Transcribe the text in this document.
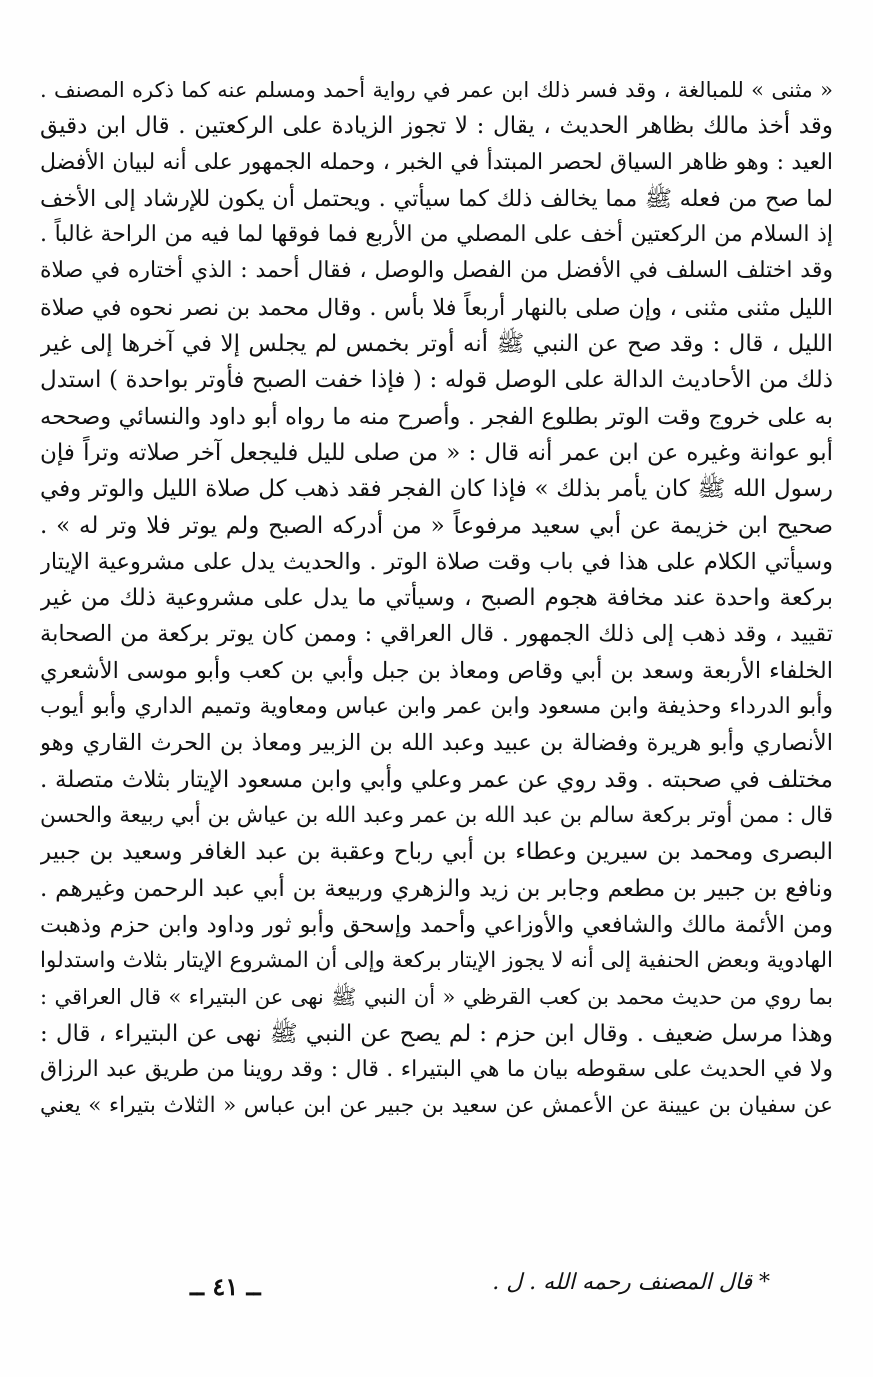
« مثنى » للمبالغة ، وقد فسر ذلك ابن عمر في رواية أحمد ومسلم عنه كما ذكره المصنف .
وقد أخذ مالك بظاهر الحديث ، يقال : لا تجوز الزيادة على الركعتين . قال ابن دقيق
العيد : وهو ظاهر السياق لحصر المبتدأ في الخبر ، وحمله الجمهور على أنه لبيان الأفضل
لما صح من فعله ﷺ مما يخالف ذلك كما سيأتي . ويحتمل أن يكون للإرشاد إلى الأخف
إذ السلام من الركعتين أخف على المصلي من الأربع فما فوقها لما فيه من الراحة غالباً .
وقد اختلف السلف في الأفضل من الفصل والوصل ، فقال أحمد : الذي أختاره في صلاة
الليل مثنى مثنى ، وإن صلى بالنهار أربعاً فلا بأس . وقال محمد بن نصر نحوه في صلاة
الليل ، قال : وقد صح عن النبي ﷺ أنه أوتر بخمس لم يجلس إلا في آخرها إلى غير
ذلك من الأحاديث الدالة على الوصل قوله : ( فإذا خفت الصبح فأوتر بواحدة ) استدل
به على خروج وقت الوتر بطلوع الفجر . وأصرح منه ما رواه أبو داود والنسائي وصححه
أبو عوانة وغيره عن ابن عمر أنه قال : « من صلى لليل فليجعل آخر صلاته وتراً فإن
رسول الله ﷺ كان يأمر بذلك » فإذا كان الفجر فقد ذهب كل صلاة الليل والوتر وفي
صحيح ابن خزيمة عن أبي سعيد مرفوعاً « من أدركه الصبح ولم يوتر فلا وتر له » .
وسيأتي الكلام على هذا في باب وقت صلاة الوتر . والحديث يدل على مشروعية الإيتار
بركعة واحدة عند مخافة هجوم الصبح ، وسيأتي ما يدل على مشروعية ذلك من غير
تقييد ، وقد ذهب إلى ذلك الجمهور . قال العراقي : وممن كان يوتر بركعة من الصحابة
الخلفاء الأربعة وسعد بن أبي وقاص ومعاذ بن جبل وأبي بن كعب وأبو موسى الأشعري
وأبو الدرداء وحذيفة وابن مسعود وابن عمر وابن عباس ومعاوية وتميم الداري وأبو أيوب
الأنصاري وأبو هريرة وفضالة بن عبيد وعبد الله بن الزبير ومعاذ بن الحرث القاري وهو
مختلف في صحبته . وقد روي عن عمر وعلي وأبي وابن مسعود الإيتار بثلاث متصلة .
قال : ممن أوتر بركعة سالم بن عبد الله بن عمر وعبد الله بن عياش بن أبي ربيعة والحسن
البصرى ومحمد بن سيرين وعطاء بن أبي رباح وعقبة بن عبد الغافر وسعيد بن جبير
ونافع بن جبير بن مطعم وجابر بن زيد والزهري وربيعة بن أبي عبد الرحمن وغيرهم .
ومن الأئمة مالك والشافعي والأوزاعي وأحمد وإسحق وأبو ثور وداود وابن حزم وذهبت
الهادوية وبعض الحنفية إلى أنه لا يجوز الإيتار بركعة وإلى أن المشروع الإيتار بثلاث واستدلوا
بما روي من حديث محمد بن كعب القرظي « أن النبي ﷺ نهى عن البتيراء » قال العراقي :
وهذا مرسل ضعيف . وقال ابن حزم : لم يصح عن النبي ﷺ نهى عن البتيراء ، قال :
ولا في الحديث على سقوطه بيان ما هي البتيراء . قال : وقد روينا من طريق عبد الرزاق
عن سفيان بن عيينة عن الأعمش عن سعيد بن جبير عن ابن عباس « الثلاث بتيراء » يعني
* قال المصنف رحمه الله . ل .
ــ ٤١ ــ
